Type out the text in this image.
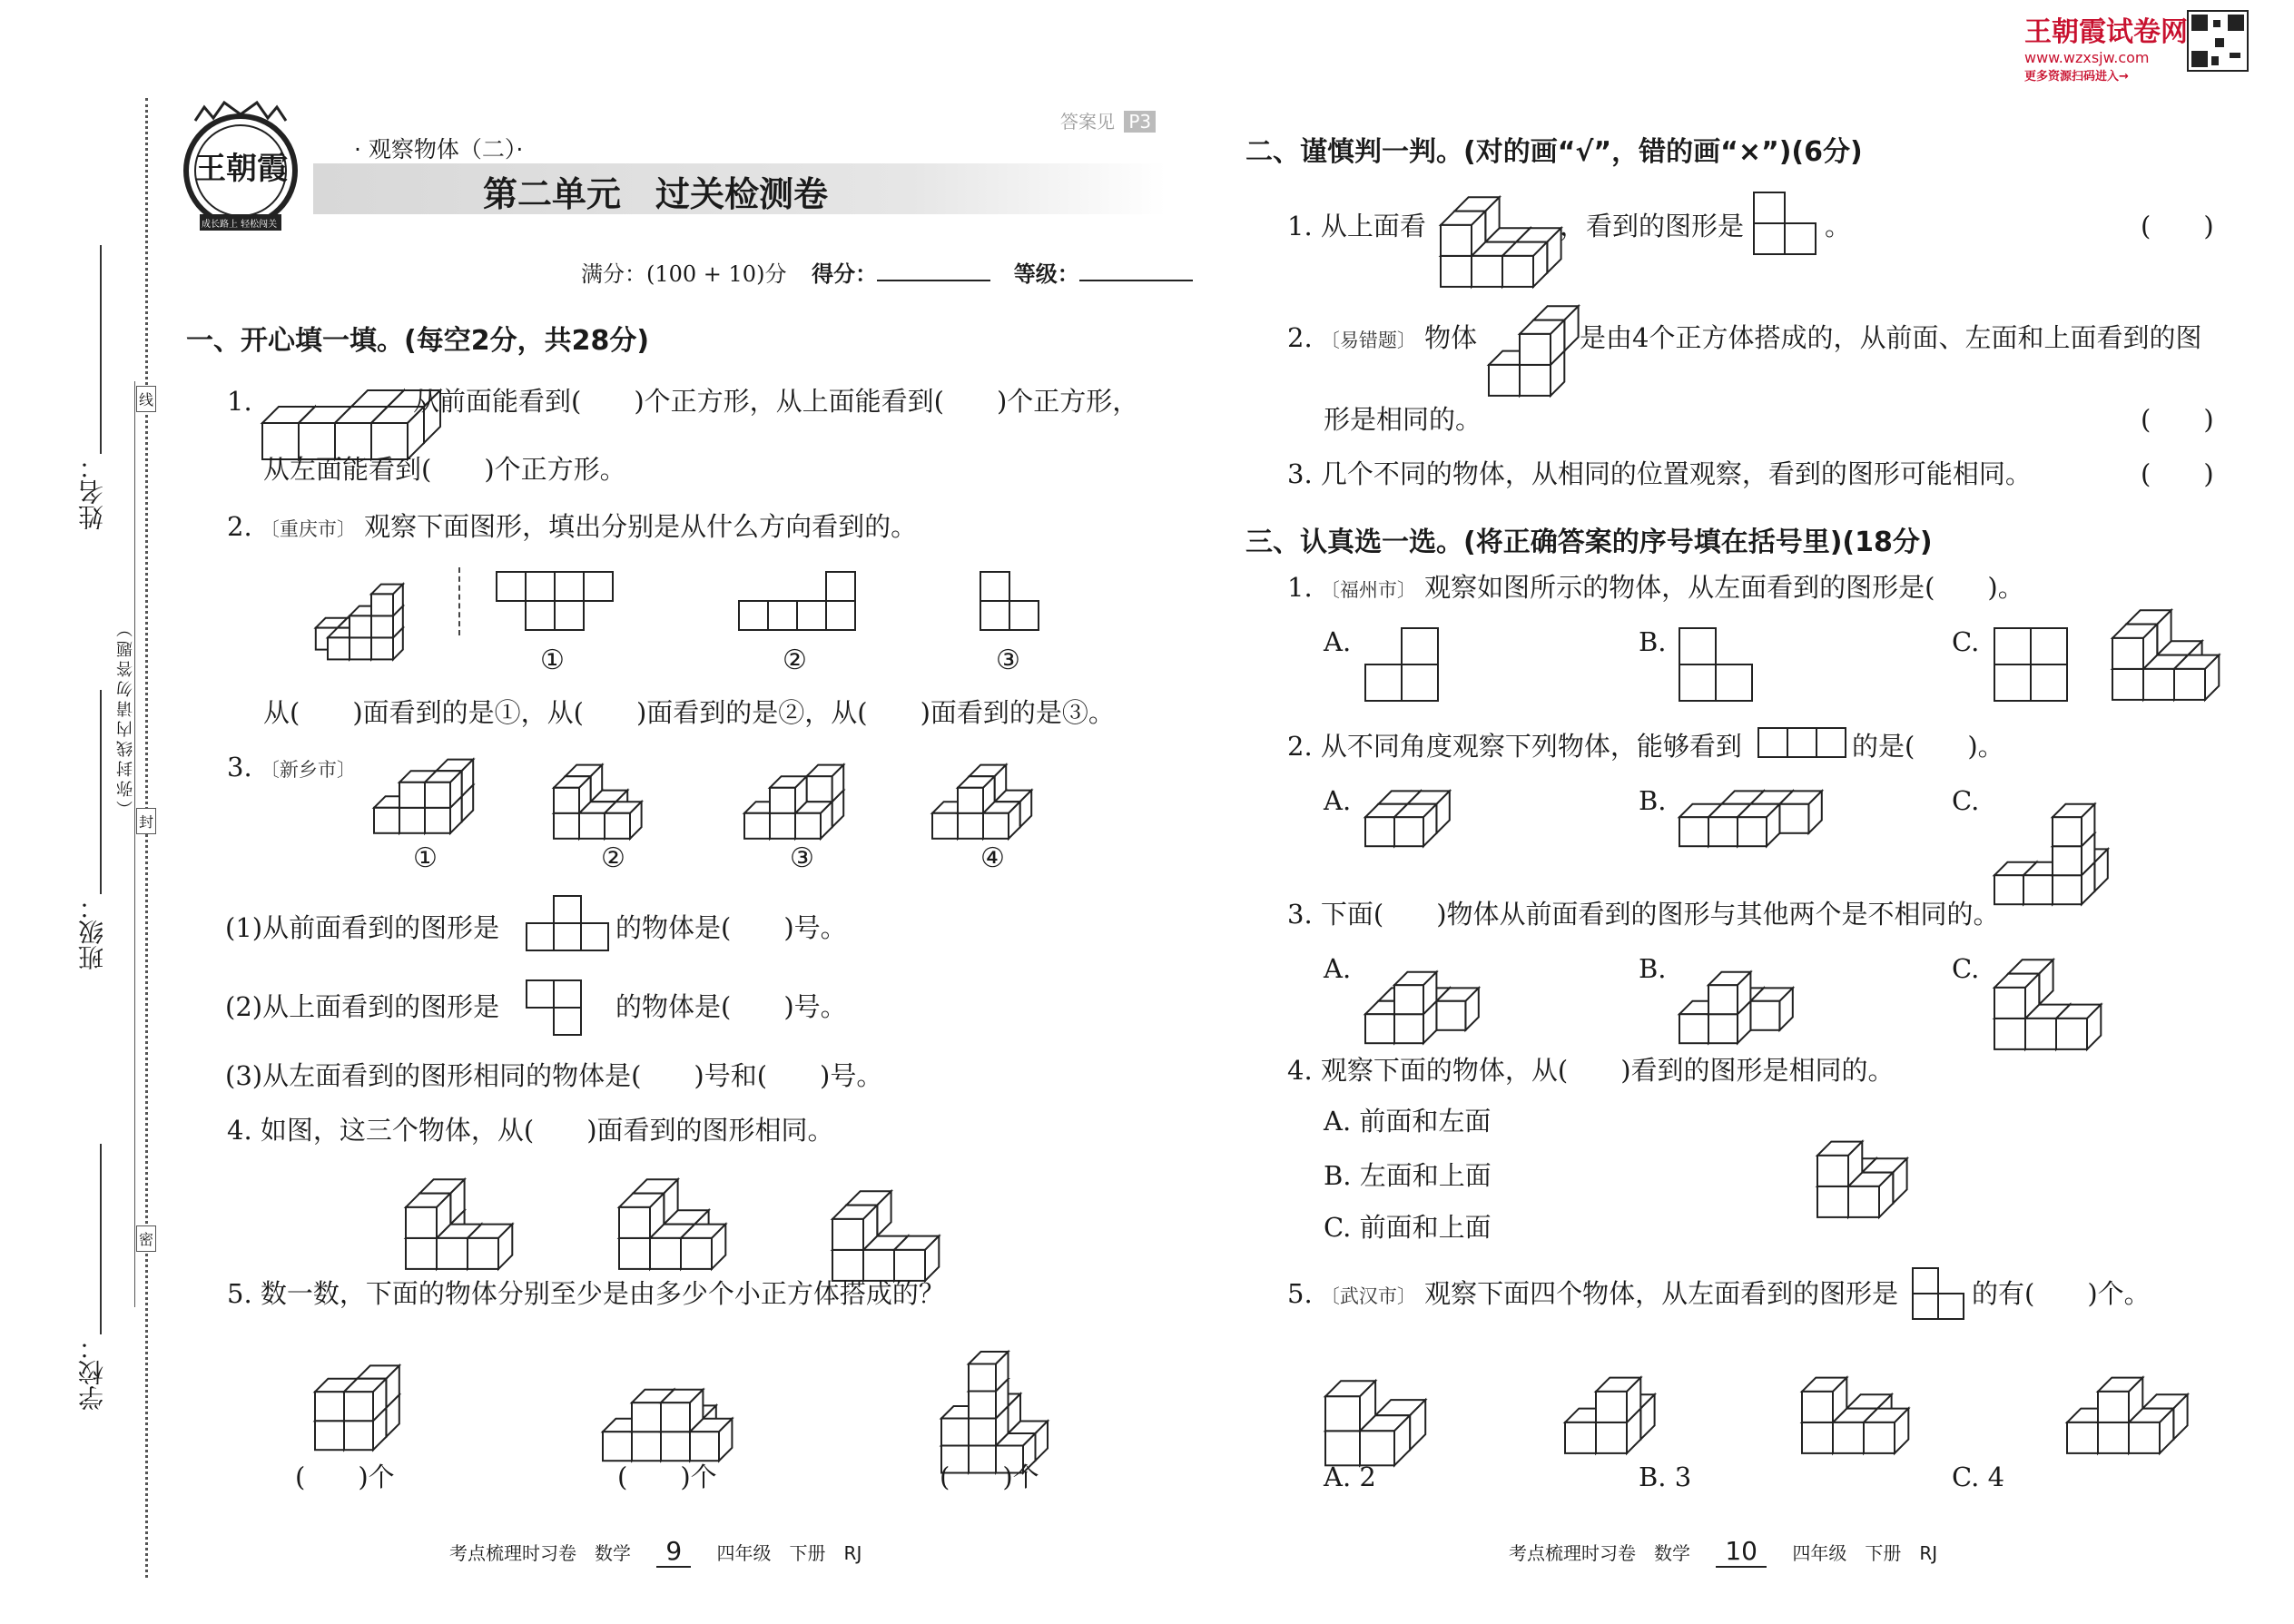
王朝霞试卷网
www.wzxsjw.com
更多资源扫码进入→
姓名：
班级：
学校：
（弥封线内请勿答题）
线
封
密
王朝霞
成长路上 轻松闯关
· 观察物体（二）·
答案见 P3
第二单元　过关检测卷
满分：(100 + 10)分 得分：	等级：
一、开心填一填。(每空2分，共28分)
1.	从前面能看到(　　)个正方形，从上面能看到(　　)个正方形，
从左面能看到(　　)个正方形。
2. 〔重庆市〕 观察下面图形，填出分别是从什么方向看到的。
①	②	③
从(　　)面看到的是①，从(　　)面看到的是②，从(　　)面看到的是③。
3. 〔新乡市〕
①	②	③	④
(1)从前面看到的图形是	的物体是(　　)号。
(2)从上面看到的图形是	的物体是(　　)号。
(3)从左面看到的图形相同的物体是(　　)号和(　　)号。
4. 如图，这三个物体，从(　　)面看到的图形相同。
5. 数一数，下面的物体分别至少是由多少个小正方体搭成的？
(　　)个	(　　)个	(　　)个
考点梳理时习卷　数学 9 四年级　下册　RJ
二、谨慎判一判。(对的画“√”，错的画“×”)(6分)
1. 从上面看	，看到的图形是	。	(　　)
2. 〔易错题〕 物体	是由4个正方体搭成的，从前面、左面和上面看到的图
形是相同的。	(　　)
3. 几个不同的物体，从相同的位置观察，看到的图形可能相同。	(　　)
三、认真选一选。(将正确答案的序号填在括号里)(18分)
1. 〔福州市〕 观察如图所示的物体，从左面看到的图形是(　　)。
A.	B.	C.
2. 从不同角度观察下列物体，能够看到	的是(　　)。
A.	B.	C.
3. 下面(　　)物体从前面看到的图形与其他两个是不相同的。
A.	B.	C.
4. 观察下面的物体，从(　　)看到的图形是相同的。
A. 前面和左面
B. 左面和上面
C. 前面和上面
5. 〔武汉市〕 观察下面四个物体，从左面看到的图形是	的有(　　)个。
A. 2	B. 3	C. 4
考点梳理时习卷　数学 10 四年级　下册　RJ
